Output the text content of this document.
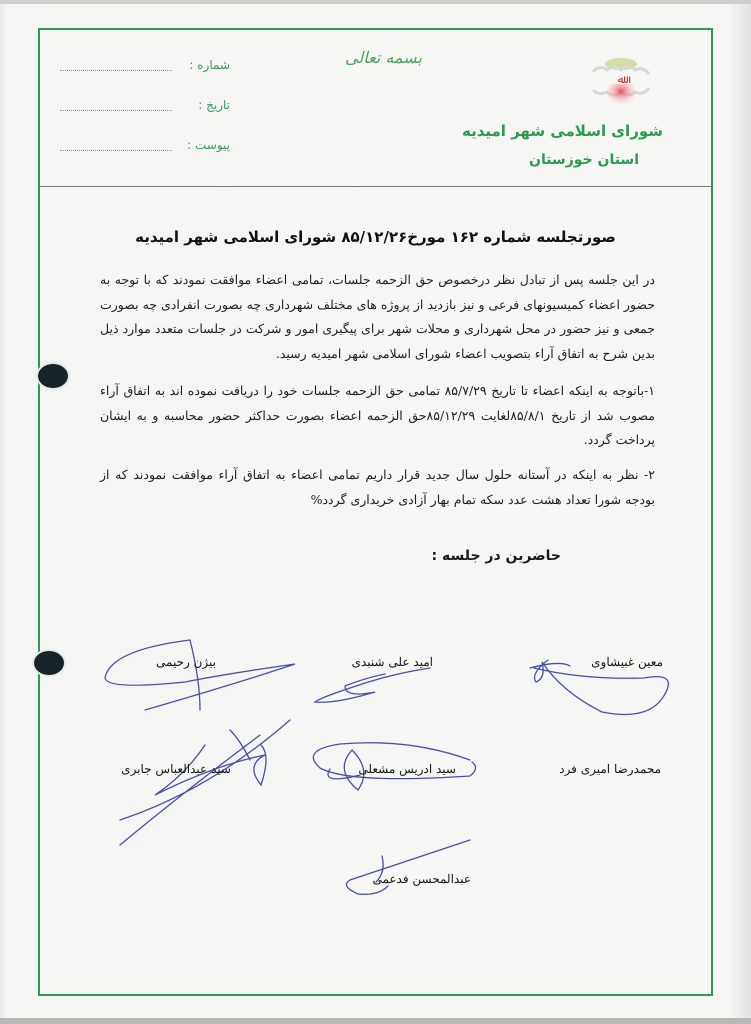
شماره :
تاریخ :
پیوست :
بسمه تعالی
ﷲ
شورای اسلامی شهر امیدیه
استان خوزستان
صورتجلسه شماره ۱۶۲ مورخ۸۵/۱۲/۲۶ شورای اسلامی شهر امیدیه
در این جلسه پس از تبادل نظر درخصوص حق الزحمه جلسات، تمامی اعضاء موافقت نمودند که با توجه به حضور اعضاء کمیسیونهای فرعی و نیز بازدید از پروژه های مختلف شهرداری چه بصورت انفرادی چه بصورت جمعی و نیز حضور در محل شهرداری و محلات شهر برای پیگیری امور و شرکت در جلسات متعدد موارد ذیل بدین شرح به اتفاق آراء بتصویب اعضاء شورای اسلامی شهر امیدیه رسید.
۱-باتوجه به اینکه اعضاء تا تاریخ ۸۵/۷/۲۹ تمامی حق الزحمه جلسات خود را دریافت نموده اند به اتفاق آراء مصوب شد از تاریخ ۸۵/۸/۱لغایت ۸۵/۱۲/۲۹حق الزحمه اعضاء بصورت حداکثر حضور محاسبه و به ایشان پرداخت گردد.
۲- نظر به اینکه در آستانه حلول سال جدید قرار داریم تمامی اعضاء به اتفاق آراء موافقت نمودند که از بودجه شورا تعداد هشت عدد سکه تمام بهار آزادی خریداری گردد%
حاضرین در جلسه :
معین غبیشاوی
امید علی شنبدی
بیژن رحیمی
محمدرضا امیری فرد
سید ادریس مشعلی
سید عبدالعباس جابری
عبدالمحسن فدعمی
